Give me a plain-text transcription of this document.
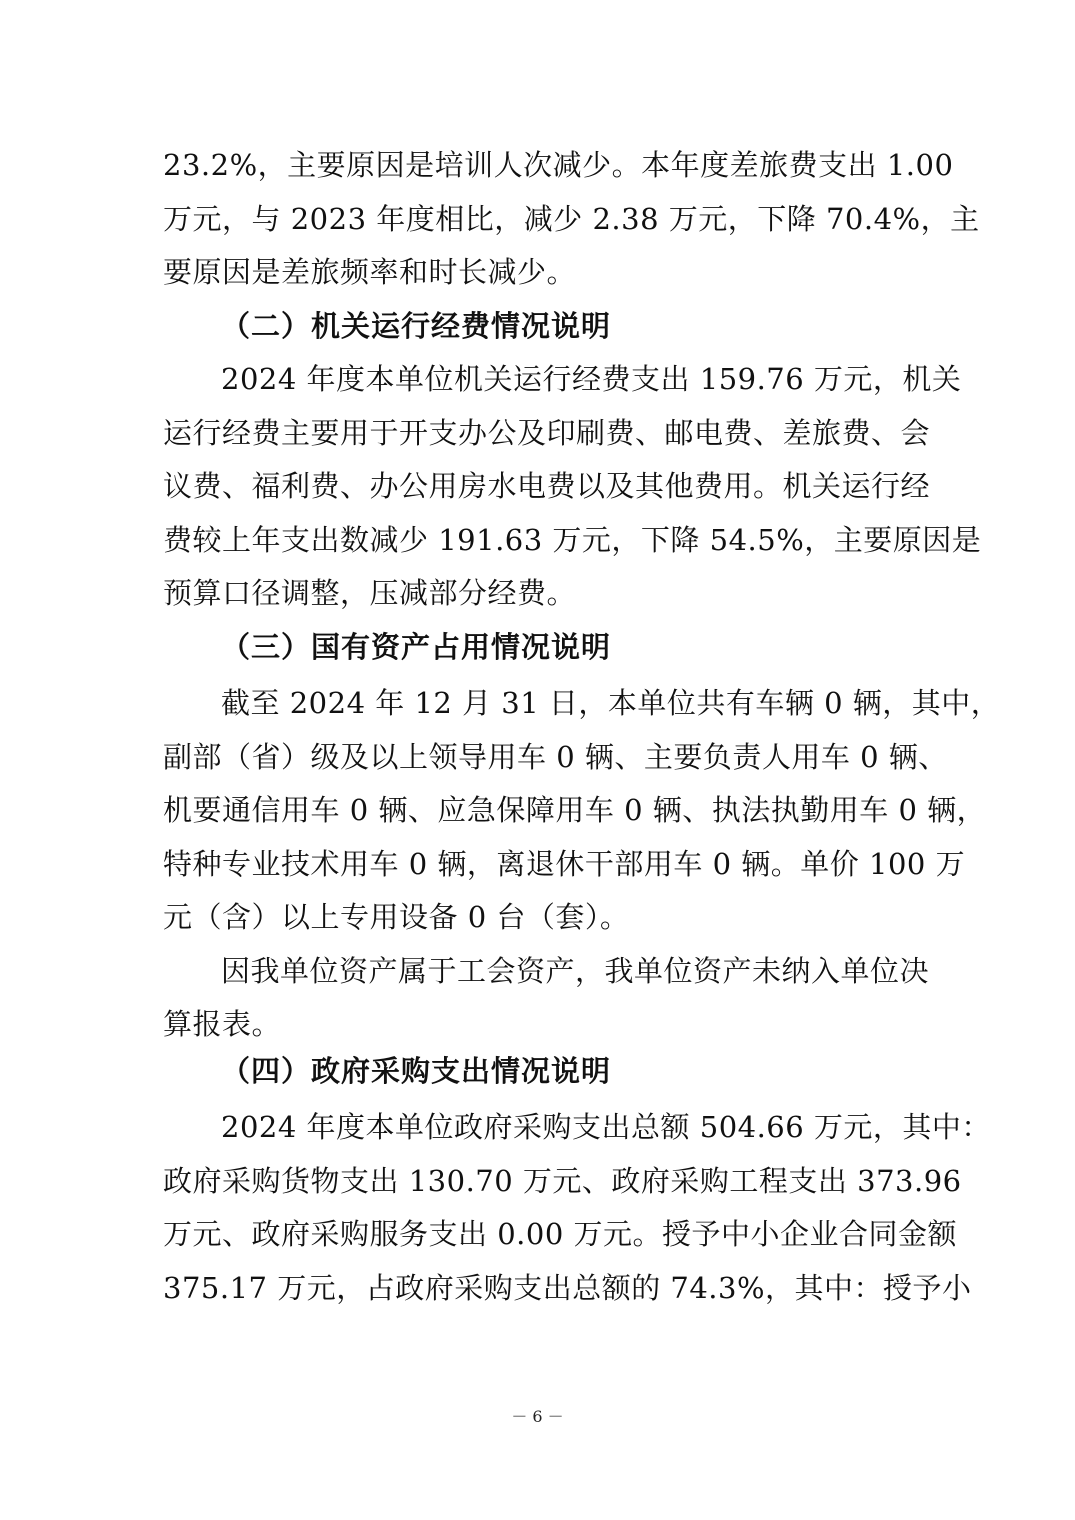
23.2%，主要原因是培训人次减少。本年度差旅费支出 1.00
万元，与 2023 年度相比，减少 2.38 万元，下降 70.4%，主
要原因是差旅频率和时长减少。
（二）机关运行经费情况说明
2024 年度本单位机关运行经费支出 159.76 万元，机关
运行经费主要用于开支办公及印刷费、邮电费、差旅费、会
议费、福利费、办公用房水电费以及其他费用。机关运行经
费较上年支出数减少 191.63 万元，下降 54.5%，主要原因是
预算口径调整，压减部分经费。
（三）国有资产占用情况说明
截至 2024 年 12 月 31 日，本单位共有车辆 0 辆，其中，
副部（省）级及以上领导用车 0 辆、主要负责人用车 0 辆、
机要通信用车 0 辆、应急保障用车 0 辆、执法执勤用车 0 辆，
特种专业技术用车 0 辆，离退休干部用车 0 辆。单价 100 万
元（含）以上专用设备 0 台（套）。
因我单位资产属于工会资产，我单位资产未纳入单位决
算报表。
（四）政府采购支出情况说明
2024 年度本单位政府采购支出总额 504.66 万元，其中：
政府采购货物支出 130.70 万元、政府采购工程支出 373.96
万元、政府采购服务支出 0.00 万元。授予中小企业合同金额
375.17 万元，占政府采购支出总额的 74.3%，其中：授予小
－ 6 －
